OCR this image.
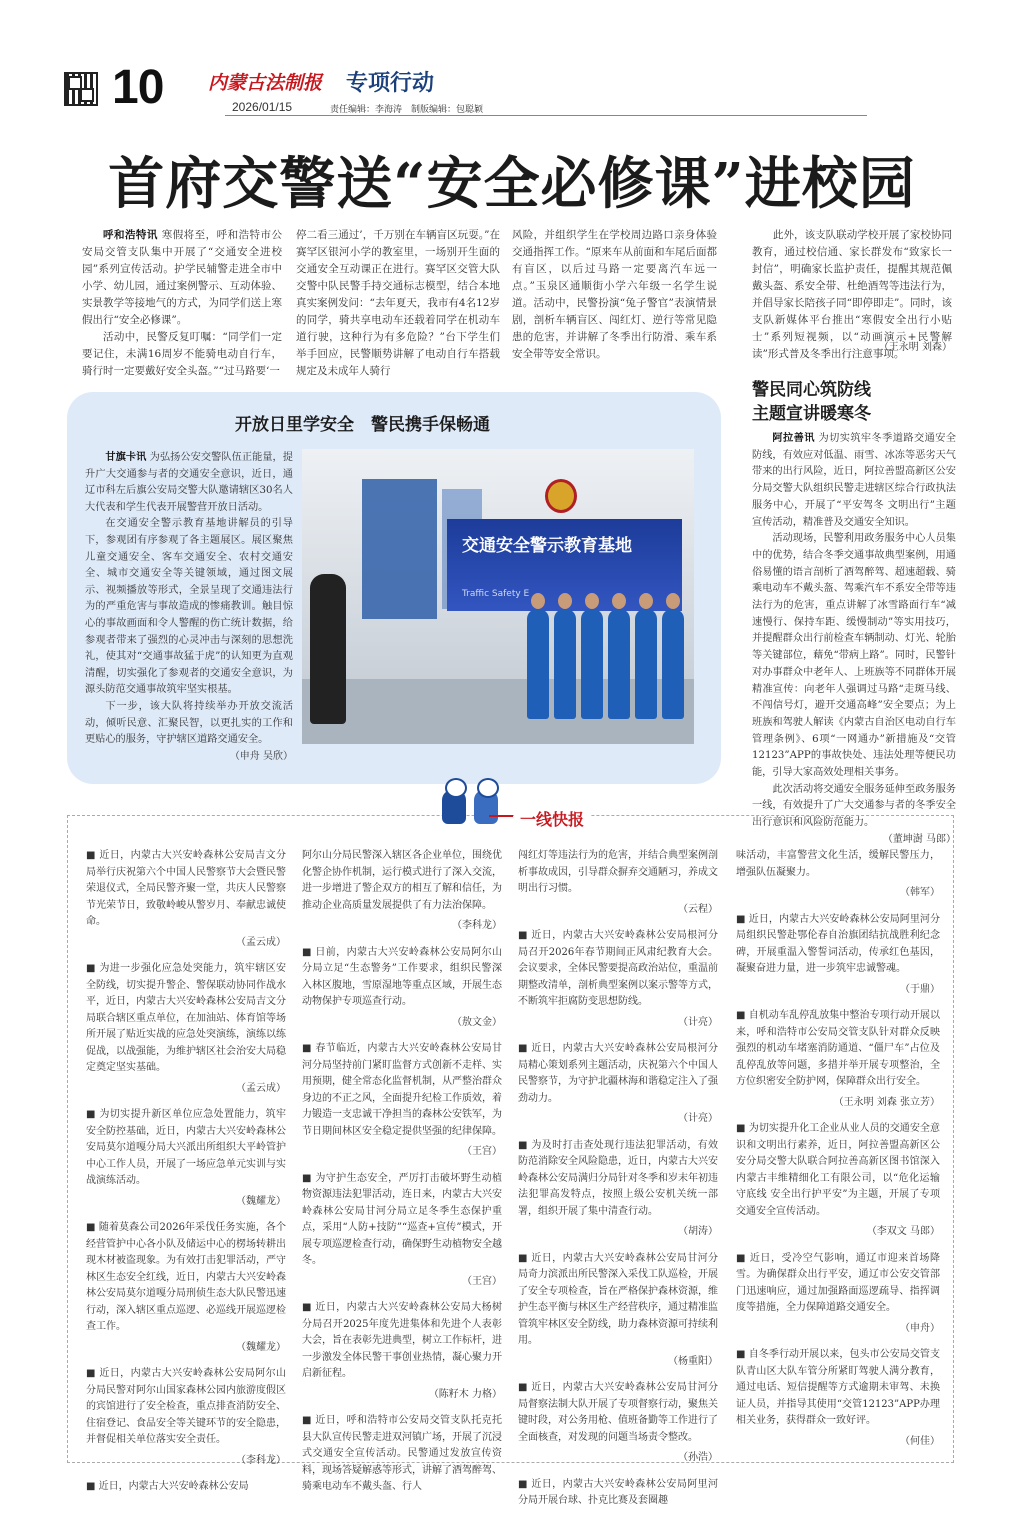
10 内蒙古法制报
2026/01/15
专项行动
责任编辑：李海涛　制版编辑：包聪颖
首府交警送“安全必修课”进校园

呼和浩特讯 寒假将至，呼和浩特市公安局交管支队集中开展了“交通安全进校园”系列宣传活动。护学民辅警走进全市中小学、幼儿园，通过案例警示、互动体验、实景教学等接地气的方式，为同学们送上寒假出行“安全必修课”。

活动中，民警反复叮嘱：“同学们一定要记住，未满16周岁不能骑电动自行车，骑行时一定要戴好安全头盔。”“过马路要‘一

停二看三通过’，千万别在车辆盲区玩耍。”在赛罕区银河小学的教室里，一场别开生面的交通安全互动课正在进行。赛罕区交管大队交警中队民警手持交通标志模型，结合本地真实案例发问：“去年夏天，我市有4名12岁的同学，骑共享电动车还载着同学在机动车道行驶，这种行为有多危险？”台下学生们举手回应，民警顺势讲解了电动自行车搭载规定及未成年人骑行
风险，并组织学生在学校周边路口亲身体验交通指挥工作。“原来车从前面和车尾后面都有盲区，以后过马路一定要离汽车远一点。”玉泉区通顺街小学六年级一名学生说道。活动中，民警扮演“兔子警官”表演情景剧，剖析车辆盲区、闯红灯、逆行等常见隐患的危害，并讲解了冬季出行防滑、乘车系安全带等安全常识。
此外，该支队联动学校开展了家校协同教育，通过校信通、家长群发布“致家长一封信”，明确家长监护责任，提醒其规范佩戴头盔、系安全带、杜绝酒驾等违法行为，并倡导家长陪孩子同“即停即走”。同时，该支队新媒体平台推出“寒假安全出行小贴士”系列短视频，以“动画演示+民警解读”形式普及冬季出行注意事项。
（王永明 刘森）
开放日里学安全　警民携手保畅通

甘旗卡讯 为弘扬公安交警队伍正能量，提升广大交通参与者的交通安全意识，近日，通辽市科左后旗公安局交警大队邀请辖区30名人大代表和学生代表开展警营开放日活动。

在交通安全警示教育基地讲解员的引导下，参观团有序参观了各主题展区。展区聚焦儿童交通安全、客车交通安全、农村交通安全、城市交通安全等关键领域，通过图文展示、视频播放等形式，全景呈现了交通违法行为的严重危害与事故造成的惨痛教训。触目惊心的事故画面和令人警醒的伤亡统计数据，给参观者带来了强烈的心灵冲击与深刻的思想洗礼，使其对“交通事故猛于虎”的认知更为直观清醒，切实强化了参观者的交通安全意识，为源头防范交通事故筑牢坚实根基。

下一步，该大队将持续举办开放交流活动，倾听民意、汇聚民智，以更扎实的工作和更贴心的服务，守护辖区道路交通安全。

（申舟 吴欣）

交通安全警示教育基地
Traffic Safety E
警民同心筑防线
主题宣讲暖寒冬

阿拉善讯 为切实筑牢冬季道路交通安全防线，有效应对低温、雨雪、冰冻等恶劣天气带来的出行风险，近日，阿拉善盟高新区公安分局交警大队组织民警走进辖区综合行政执法服务中心，开展了“平安驾冬 文明出行”主题宣传活动，精准普及交通安全知识。

活动现场，民警利用政务服务中心人员集中的优势，结合冬季交通事故典型案例，用通俗易懂的语言剖析了酒驾醉驾、超速超载、骑乘电动车不戴头盔、驾乘汽车不系安全带等违法行为的危害，重点讲解了冰雪路面行车“减速慢行、保持车距、缓慢制动”等实用技巧，并提醒群众出行前检查车辆制动、灯光、轮胎等关键部位，藉免“带病上路”。同时，民警针对办事群众中老年人、上班族等不同群体开展精准宣传：向老年人强调过马路“走斑马线、不闯信号灯，避开交通高峰”安全要点；为上班族和驾驶人解读《内蒙古自治区电动自行车管理条例》、6项“一网通办”新措施及“交管12123”APP的事故快处、违法处理等便民功能，引导大家高效处理相关事务。

此次活动将交通安全服务延伸至政务服务一线，有效提升了广大交通参与者的冬季安全出行意识和风险防范能力。

（董坤澍 马郎）

一线快报

■ 近日，内蒙古大兴安岭森林公安局吉文分局举行庆祝第六个中国人民警察节大会暨民警荣退仪式，全局民警齐聚一堂，共庆人民警察节光荣节日，致敬岭峻从警岁月、奉献忠诚使命。

（孟云成）

■ 为进一步强化应急处突能力，筑牢辖区安全防线，切实提升警企、警保联动协同作战水平，近日，内蒙古大兴安岭森林公安局吉文分局联合辖区重点单位，在加油站、体育馆等场所开展了贴近实战的应急处突演练，演练以练促战，以战强能，为维护辖区社会治安大局稳定奠定坚实基础。

（孟云成）

■ 为切实提升新区单位应急处置能力，筑牢安全防控基础，近日，内蒙古大兴安岭森林公安局莫尔道嘎分局大兴派出所组织大平岭管护中心工作人员，开展了一场应急单元实训与实战演练活动。

（魏耀龙）

■ 随着莫森公司2026年采伐任务实施，各个经营管护中心各小队及储运中心的楞场转耕出现木材被盗现象。为有效打击犯罪活动，严守林区生态安全红线，近日，内蒙古大兴安岭森林公安局莫尔道嘎分局刑侦生态大队民警迅速行动，深入辖区重点巡逻、必巡线开展巡逻检查工作。

（魏耀龙）

■ 近日，内蒙古大兴安岭森林公安局阿尔山分局民警对阿尔山国家森林公园内旅游度假区的宾馆进行了安全检查，重点排查消防安全、住宿登记、食品安全等关键环节的安全隐患，并督促相关单位落实安全责任。

（李科龙）

■ 近日，内蒙古大兴安岭森林公安局

阿尔山分局民警深入辖区各企业单位，围绕优化警企协作机制，运行模式进行了深入交流，进一步增进了警企双方的相互了解和信任，为推动企业高质量发展提供了有力法治保障。

（李科龙）

■ 日前，内蒙古大兴安岭森林公安局阿尔山分局立足“生态警务”工作要求，组织民警深入林区腹地，雪原湿地等重点区域，开展生态动物保护专项巡查行动。

（敖文金）

■ 春节临近，内蒙古大兴安岭森林公安局甘河分局坚持前门紧盯监督方式创新不走样、实用预期，健全常态化监督机制，从严整治群众身边的不正之风，全面提升纪检工作质效，着力锻造一支忠诚干净担当的森林公安铁军，为节日期间林区安全稳定提供坚强的纪律保障。

（王宫）

■ 为守护生态安全，严厉打击破坏野生动植物资源违法犯罪活动，连日来，内蒙古大兴安岭森林公安局甘河分局立足冬季生态保护重点，采用“人防+技防”“巡查+宣传”模式，开展专项巡逻检查行动，确保野生动植物安全越冬。

（王宫）

■ 近日，内蒙古大兴安岭森林公安局大杨树分局召开2025年度先进集体和先进个人表彰大会，旨在表彰先进典型，树立工作标杆，进一步激发全体民警干事创业热情，凝心聚力开启新征程。

（陈籽木 力格）

■ 近日，呼和浩特市公安局交管支队托克托县大队宣传民警走进双河镇广场，开展了沉浸式交通安全宣传活动。民警通过发放宣传资料，现场答疑解惑等形式，讲解了酒驾醉驾、骑乘电动车不戴头盔、行人

闯红灯等违法行为的危害，并结合典型案例剖析事故成因，引导群众摒弃交通陋习，养成文明出行习惯。

（云程）

■ 近日，内蒙古大兴安岭森林公安局根河分局召开2026年春节期间正风肃纪教育大会。会议要求，全体民警要提高政治站位，重温前期整改清单，剖析典型案例以案示警等方式，不断筑牢拒腐防变思想防线。

（计亮）

■ 近日，内蒙古大兴安岭森林公安局根河分局精心策划系列主题活动，庆祝第六个中国人民警察节，为守护北疆林海和谐稳定注入了强劲动力。

（计亮）

■ 为及时打击查处现行违法犯罪活动，有效防范消除安全风险隐患，近日，内蒙古大兴安岭森林公安局满归分局针对冬季和岁末年初违法犯罪高发特点，按照上级公安机关统一部署，组织开展了集中清查行动。

（胡涛）

■ 近日，内蒙古大兴安岭森林公安局甘河分局奇力滨派出所民警深入采伐工队巡检，开展了安全专项检查，旨在严格保护森林资源，维护生态平衡与林区生产经营秩序，通过精准监管筑牢林区安全防线，助力森林资源可持续利用。

（杨重阳）

■ 近日，内蒙古大兴安岭森林公安局甘河分局督察法制大队开展了专项督察行动，聚焦关键时段，对公务用枪、值班备勤等工作进行了全面核查，对发现的问题当场责令整改。

（孙浩）

■ 近日，内蒙古大兴安岭森林公安局阿里河分局开展台球、扑克比赛及套圈趣

味活动，丰富警营文化生活，缓解民警压力，增强队伍凝聚力。

（韩军）

■ 近日，内蒙古大兴安岭森林公安局阿里河分局组织民警赴鄂伦春自治旗团结抗战胜利纪念碑，开展重温入警誓词活动，传承红色基因，凝聚奋进力量，进一步筑牢忠诚警魂。

（于鼎）

■ 自机动车乱停乱放集中整治专项行动开展以来，呼和浩特市公安局交管支队针对群众反映强烈的机动车堵塞消防通道、“僵尸车”占位及乱停乱放等问题，多措并举开展专项整治，全方位织密安全防护网，保障群众出行安全。

（王永明 刘森 张立芳）

■ 为切实提升化工企业从业人员的交通安全意识和文明出行素养，近日，阿拉善盟高新区公安分局交警大队联合阿拉善高新区图书馆深入内蒙古丰维精细化工有限公司，以“危化运输守底线 安全出行护平安”为主题，开展了专项交通安全宣传活动。

（李双文 马郎）

■ 近日，受冷空气影响，通辽市迎来首场降雪。为确保群众出行平安，通辽市公安交管部门迅速响应，通过加强路面巡逻疏导、指挥调度等措施，全力保障道路交通安全。

（申舟）

■ 自冬季行动开展以来，包头市公安局交管支队青山区大队车管分所紧盯驾驶人满分教育，通过电话、短信提醒等方式逾期未审驾、未换证人员，并指导其使用“交管12123”APP办理相关业务，获得群众一致好评。

（何佳）
